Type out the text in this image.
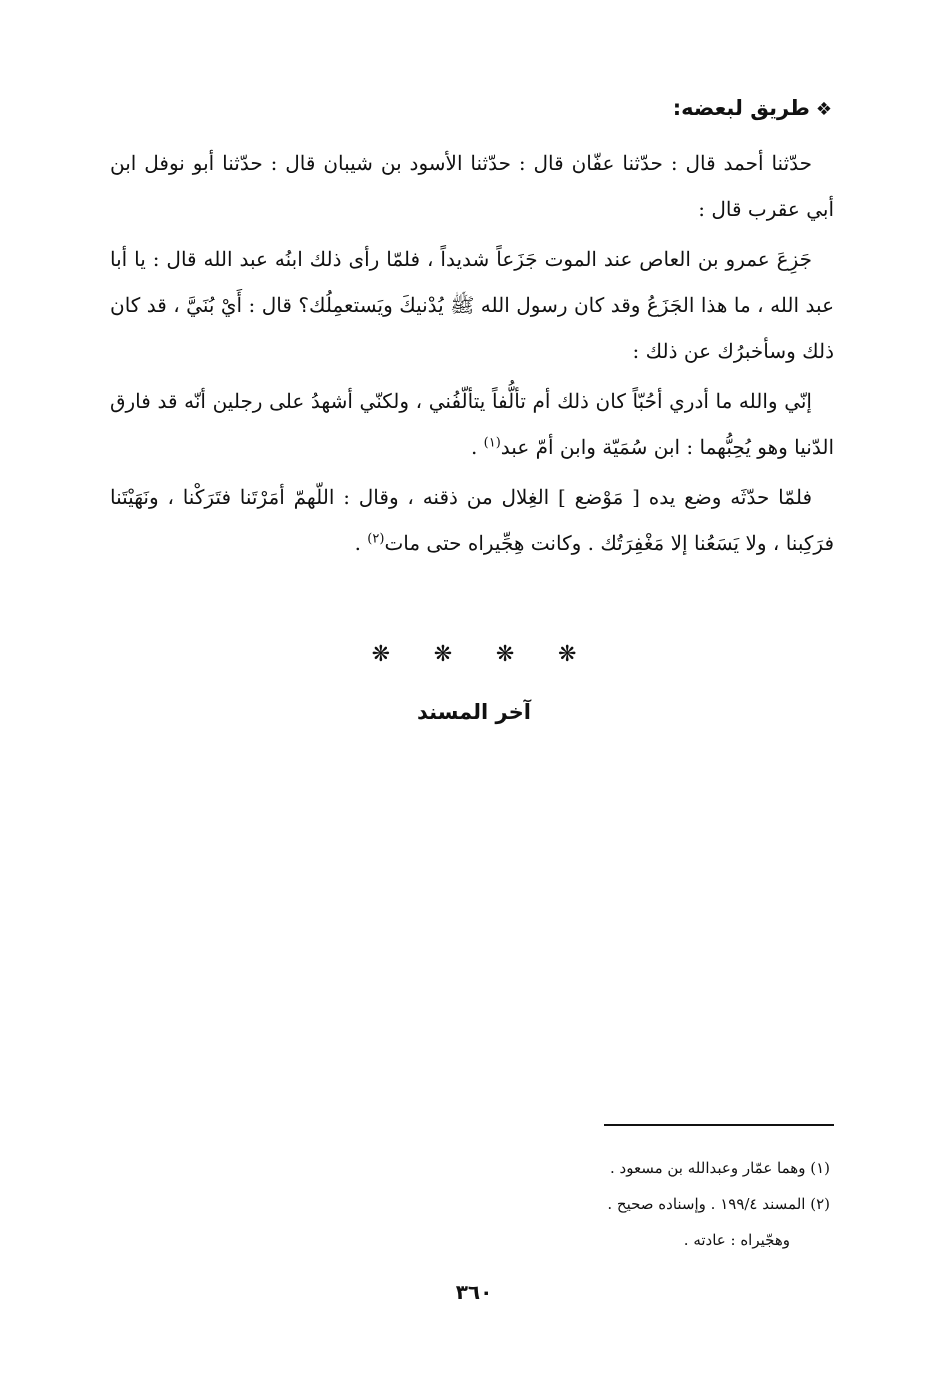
❖طريق لبعضه:

حدّثنا أحمد قال : حدّثنا عفّان قال : حدّثنا الأسود بن شيبان قال : حدّثنا أبو نوفل ابن أبي عقرب قال :

جَزِعَ عمرو بن العاص عند الموت جَزَعاً شديداً ، فلمّا رأى ذلك ابنُه عبد الله قال : يا أبا عبد الله ، ما هذا الجَزَعُ وقد كان رسول الله ﷺ يُدْنيكَ ويَستعمِلُك؟ قال : أَيْ بُنَيَّ ، قد كان ذلك وسأخبرُك عن ذلك :

إنّي والله ما أدري أحُبّاً كان ذلك أم تألُّفاً يتألّفُني ، ولكنّي أشهدُ على رجلين أنّه قد فارق الدّنيا وهو يُحِبُّهما : ابن سُمَيّة وابن أمّ عبد$^{(١)}$ .

فلمّا حدّثَه وضع يده [ مَوْضع ] الغِلال من ذقنه ، وقال : اللّهمّ أمَرْتَنا فتَرَكْنا ، ونَهَيْتَنا فرَكِبنا ، ولا يَسَعُنا إلا مَغْفِرَتُك . وكانت هِجِّيراه حتى مات$^{(٢)}$ .

❋ ❋ ❋ ❋
آخر المسند
(١) وهما عمّار وعبدالله بن مسعود .
(٢) المسند ١٩٩/٤ . وإسناده صحيح .
وهجّيراه : عادته .
٣٦٠
